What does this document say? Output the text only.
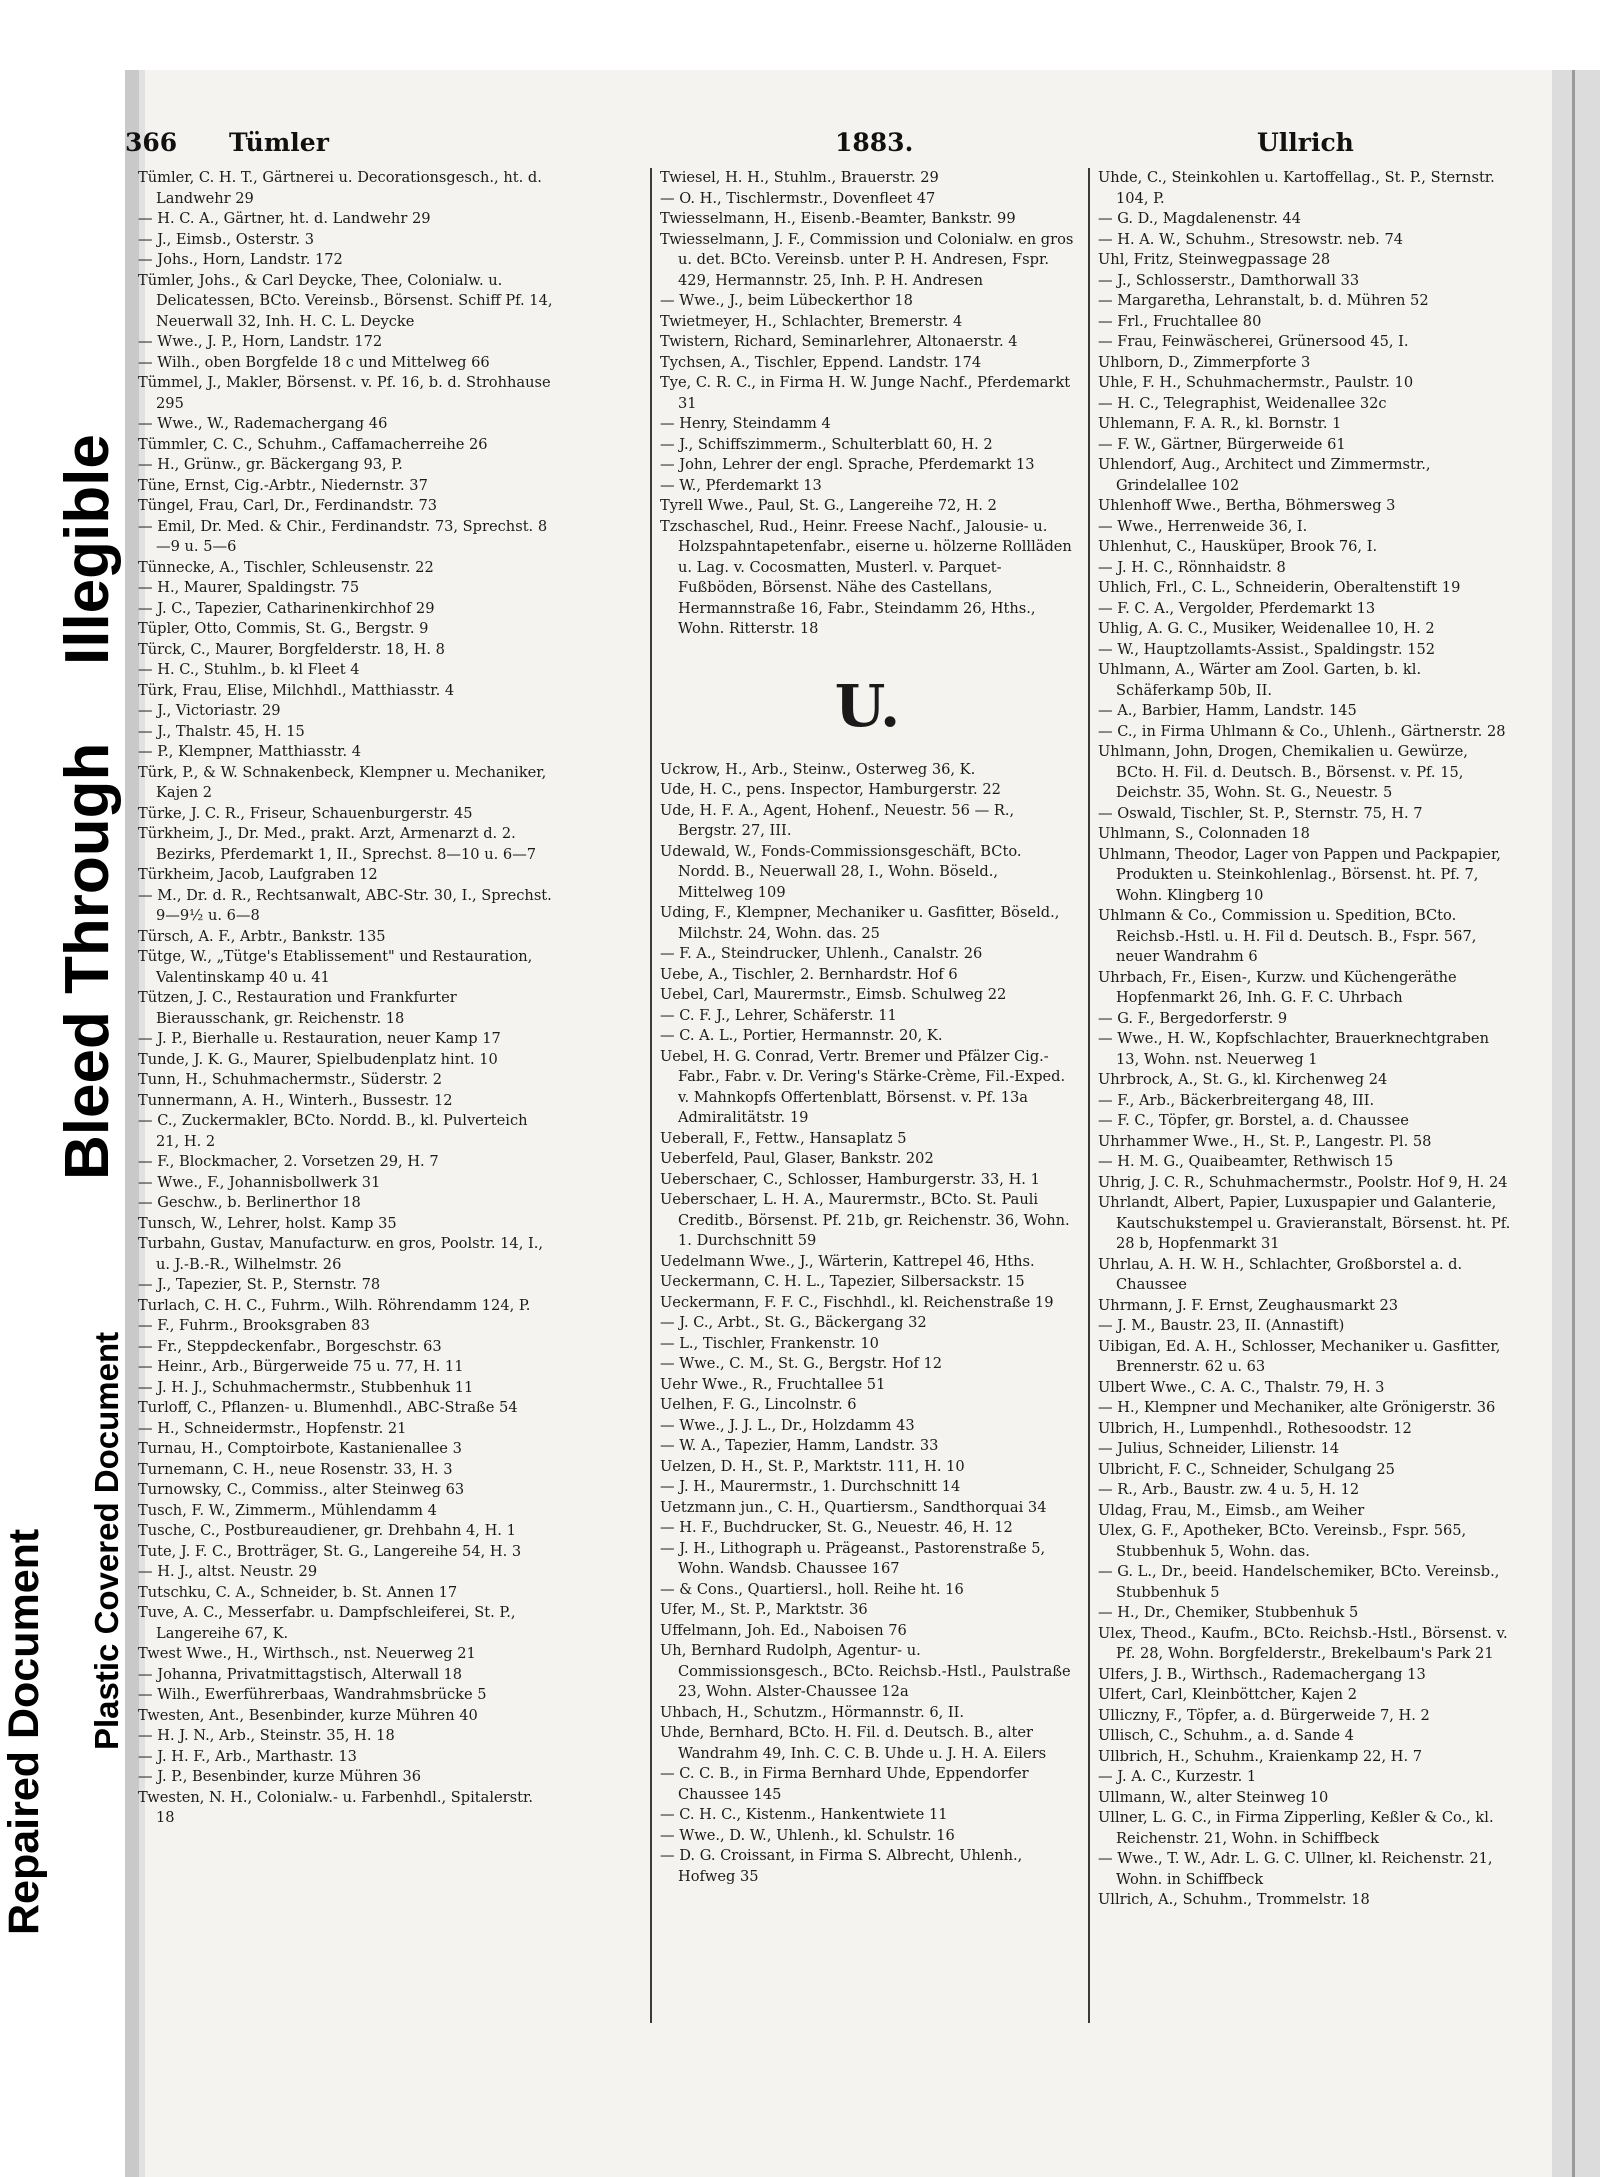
366 Tümler	1883.	Ullrich
Tümler, C. H. T., Gärtnerei u. Decorationsgesch., ht. d. Landwehr 29
— H. C. A., Gärtner, ht. d. Landwehr 29
— J., Eimsb., Osterstr. 3
— Johs., Horn, Landstr. 172
Tümler, Johs., & Carl Deycke, Thee, Colonialw. u. Delicatessen, BCto. Vereinsb., Börsenst. Schiff Pf. 14, Neuerwall 32, Inh. H. C. L. Deycke
— Wwe., J. P., Horn, Landstr. 172
— Wilh., oben Borgfelde 18 c und Mittelweg 66
Tümmel, J., Makler, Börsenst. v. Pf. 16, b. d. Strohhause 295
— Wwe., W., Rademachergang 46
Tümmler, C. C., Schuhm., Caffamacherreihe 26
— H., Grünw., gr. Bäckergang 93, P.
Tüne, Ernst, Cig.-Arbtr., Niedernstr. 37
Tüngel, Frau, Carl, Dr., Ferdinandstr. 73
— Emil, Dr. Med. & Chir., Ferdinandstr. 73, Sprechst. 8—9 u. 5—6
Tünnecke, A., Tischler, Schleusenstr. 22
— H., Maurer, Spaldingstr. 75
— J. C., Tapezier, Catharinenkirchhof 29
Tüpler, Otto, Commis, St. G., Bergstr. 9
Türck, C., Maurer, Borgfelderstr. 18, H. 8
— H. C., Stuhlm., b. kl Fleet 4
Türk, Frau, Elise, Milchhdl., Matthiasstr. 4
— J., Victoriastr. 29
— J., Thalstr. 45, H. 15
— P., Klempner, Matthiasstr. 4
Türk, P., & W. Schnakenbeck, Klempner u. Mechaniker, Kajen 2
Türke, J. C. R., Friseur, Schauenburgerstr. 45
Türkheim, J., Dr. Med., prakt. Arzt, Armenarzt d. 2. Bezirks, Pferdemarkt 1, II., Sprechst. 8—10 u. 6—7
Türkheim, Jacob, Laufgraben 12
— M., Dr. d. R., Rechtsanwalt, ABC-Str. 30, I., Sprechst. 9—9½ u. 6—8
Türsch, A. F., Arbtr., Bankstr. 135
Tütge, W., „Tütge's Etablissement" und Restauration, Valentinskamp 40 u. 41
Tützen, J. C., Restauration und Frankfurter Bierausschank, gr. Reichenstr. 18
— J. P., Bierhalle u. Restauration, neuer Kamp 17
Tunde, J. K. G., Maurer, Spielbudenplatz hint. 10
Tunn, H., Schuhmachermstr., Süderstr. 2
Tunnermann, A. H., Winterh., Bussestr. 12
— C., Zuckermakler, BCto. Nordd. B., kl. Pulverteich 21, H. 2
— F., Blockmacher, 2. Vorsetzen 29, H. 7
— Wwe., F., Johannisbollwerk 31
— Geschw., b. Berlinerthor 18
Tunsch, W., Lehrer, holst. Kamp 35
Turbahn, Gustav, Manufacturw. en gros, Poolstr. 14, I., u. J.-B.-R., Wilhelmstr. 26
— J., Tapezier, St. P., Sternstr. 78
Turlach, C. H. C., Fuhrm., Wilh. Röhrendamm 124, P.
— F., Fuhrm., Brooksgraben 83
— Fr., Steppdeckenfabr., Borgeschstr. 63
— Heinr., Arb., Bürgerweide 75 u. 77, H. 11
— J. H. J., Schuhmachermstr., Stubbenhuk 11
Turloff, C., Pflanzen- u. Blumenhdl., ABC-Straße 54
— H., Schneidermstr., Hopfenstr. 21
Turnau, H., Comptoirbote, Kastanienallee 3
Turnemann, C. H., neue Rosenstr. 33, H. 3
Turnowsky, C., Commiss., alter Steinweg 63
Tusch, F. W., Zimmerm., Mühlendamm 4
Tusche, C., Postbureaudiener, gr. Drehbahn 4, H. 1
Tute, J. F. C., Brotträger, St. G., Langereihe 54, H. 3
— H. J., altst. Neustr. 29
Tutschku, C. A., Schneider, b. St. Annen 17
Tuve, A. C., Messerfabr. u. Dampfschleiferei, St. P., Langereihe 67, K.
Twest Wwe., H., Wirthsch., nst. Neuerweg 21
— Johanna, Privatmittagstisch, Alterwall 18
— Wilh., Ewerführerbaas, Wandrahmsbrücke 5
Twesten, Ant., Besenbinder, kurze Mühren 40
— H. J. N., Arb., Steinstr. 35, H. 18
— J. H. F., Arb., Marthastr. 13
— J. P., Besenbinder, kurze Mühren 36
Twesten, N. H., Colonialw.- u. Farbenhdl., Spitalerstr. 18
Twiesel, H. H., Stuhlm., Brauerstr. 29
— O. H., Tischlermstr., Dovenfleet 47
Twiesselmann, H., Eisenb.-Beamter, Bankstr. 99
Twiesselmann, J. F., Commission und Colonialw. en gros u. det. BCto. Vereinsb. unter P. H. Andresen, Fspr. 429, Hermannstr. 25, Inh. P. H. Andresen
— Wwe., J., beim Lübeckerthor 18
Twietmeyer, H., Schlachter, Bremerstr. 4
Twistern, Richard, Seminarlehrer, Altonaerstr. 4
Tychsen, A., Tischler, Eppend. Landstr. 174
Tye, C. R. C., in Firma H. W. Junge Nachf., Pferdemarkt 31
— Henry, Steindamm 4
— J., Schiffszimmerm., Schulterblatt 60, H. 2
— John, Lehrer der engl. Sprache, Pferdemarkt 13
— W., Pferdemarkt 13
Tyrell Wwe., Paul, St. G., Langereihe 72, H. 2
Tzschaschel, Rud., Heinr. Freese Nachf., Jalousie- u. Holzspahntapetenfabr., eiserne u. hölzerne Rollläden u. Lag. v. Cocosmatten, Musterl. v. Parquet-Fußböden, Börsenst. Nähe des Castellans, Hermannstraße 16, Fabr., Steindamm 26, Hths., Wohn. Ritterstr. 18
U.
Uckrow, H., Arb., Steinw., Osterweg 36, K.
Ude, H. C., pens. Inspector, Hamburgerstr. 22
Ude, H. F. A., Agent, Hohenf., Neuestr. 56 — R., Bergstr. 27, III.
Udewald, W., Fonds-Commissionsgeschäft, BCto. Nordd. B., Neuerwall 28, I., Wohn. Böseld., Mittelweg 109
Uding, F., Klempner, Mechaniker u. Gasfitter, Böseld., Milchstr. 24, Wohn. das. 25
— F. A., Steindrucker, Uhlenh., Canalstr. 26
Uebe, A., Tischler, 2. Bernhardstr. Hof 6
Uebel, Carl, Maurermstr., Eimsb. Schulweg 22
— C. F. J., Lehrer, Schäferstr. 11
— C. A. L., Portier, Hermannstr. 20, K.
Uebel, H. G. Conrad, Vertr. Bremer und Pfälzer Cig.-Fabr., Fabr. v. Dr. Vering's Stärke-Crème, Fil.-Exped. v. Mahnkopfs Offertenblatt, Börsenst. v. Pf. 13a Admiralitätstr. 19
Ueberall, F., Fettw., Hansaplatz 5
Ueberfeld, Paul, Glaser, Bankstr. 202
Ueberschaer, C., Schlosser, Hamburgerstr. 33, H. 1
Ueberschaer, L. H. A., Maurermstr., BCto. St. Pauli Creditb., Börsenst. Pf. 21b, gr. Reichenstr. 36, Wohn. 1. Durchschnitt 59
Uedelmann Wwe., J., Wärterin, Kattrepel 46, Hths.
Ueckermann, C. H. L., Tapezier, Silbersackstr. 15
Ueckermann, F. F. C., Fischhdl., kl. Reichenstraße 19
— J. C., Arbt., St. G., Bäckergang 32
— L., Tischler, Frankenstr. 10
— Wwe., C. M., St. G., Bergstr. Hof 12
Uehr Wwe., R., Fruchtallee 51
Uelhen, F. G., Lincolnstr. 6
— Wwe., J. J. L., Dr., Holzdamm 43
— W. A., Tapezier, Hamm, Landstr. 33
Uelzen, D. H., St. P., Marktstr. 111, H. 10
— J. H., Maurermstr., 1. Durchschnitt 14
Uetzmann jun., C. H., Quartiersm., Sandthorquai 34
— H. F., Buchdrucker, St. G., Neuestr. 46, H. 12
— J. H., Lithograph u. Prägeanst., Pastorenstraße 5, Wohn. Wandsb. Chaussee 167
— & Cons., Quartiersl., holl. Reihe ht. 16
Ufer, M., St. P., Marktstr. 36
Uffelmann, Joh. Ed., Naboisen 76
Uh, Bernhard Rudolph, Agentur- u. Commissionsgesch., BCto. Reichsb.-Hstl., Paulstraße 23, Wohn. Alster-Chaussee 12a
Uhbach, H., Schutzm., Hörmannstr. 6, II.
Uhde, Bernhard, BCto. H. Fil. d. Deutsch. B., alter Wandrahm 49, Inh. C. C. B. Uhde u. J. H. A. Eilers
— C. C. B., in Firma Bernhard Uhde, Eppendorfer Chaussee 145
— C. H. C., Kistenm., Hankentwiete 11
— Wwe., D. W., Uhlenh., kl. Schulstr. 16
— D. G. Croissant, in Firma S. Albrecht, Uhlenh., Hofweg 35
Uhde, C., Steinkohlen u. Kartoffellag., St. P., Sternstr. 104, P.
— G. D., Magdalenenstr. 44
— H. A. W., Schuhm., Stresowstr. neb. 74
Uhl, Fritz, Steinwegpassage 28
— J., Schlosserstr., Damthorwall 33
— Margaretha, Lehranstalt, b. d. Mühren 52
— Frl., Fruchtallee 80
— Frau, Feinwäscherei, Grünersood 45, I.
Uhlborn, D., Zimmerpforte 3
Uhle, F. H., Schuhmachermstr., Paulstr. 10
— H. C., Telegraphist, Weidenallee 32c
Uhlemann, F. A. R., kl. Bornstr. 1
— F. W., Gärtner, Bürgerweide 61
Uhlendorf, Aug., Architect und Zimmermstr., Grindelallee 102
Uhlenhoff Wwe., Bertha, Böhmersweg 3
— Wwe., Herrenweide 36, I.
Uhlenhut, C., Hausküper, Brook 76, I.
— J. H. C., Rönnhaidstr. 8
Uhlich, Frl., C. L., Schneiderin, Oberaltenstift 19
— F. C. A., Vergolder, Pferdemarkt 13
Uhlig, A. G. C., Musiker, Weidenallee 10, H. 2
— W., Hauptzollamts-Assist., Spaldingstr. 152
Uhlmann, A., Wärter am Zool. Garten, b. kl. Schäferkamp 50b, II.
— A., Barbier, Hamm, Landstr. 145
— C., in Firma Uhlmann & Co., Uhlenh., Gärtnerstr. 28
Uhlmann, John, Drogen, Chemikalien u. Gewürze, BCto. H. Fil. d. Deutsch. B., Börsenst. v. Pf. 15, Deichstr. 35, Wohn. St. G., Neuestr. 5
— Oswald, Tischler, St. P., Sternstr. 75, H. 7
Uhlmann, S., Colonnaden 18
Uhlmann, Theodor, Lager von Pappen und Packpapier, Produkten u. Steinkohlenlag., Börsenst. ht. Pf. 7, Wohn. Klingberg 10
Uhlmann & Co., Commission u. Spedition, BCto. Reichsb.-Hstl. u. H. Fil d. Deutsch. B., Fspr. 567, neuer Wandrahm 6
Uhrbach, Fr., Eisen-, Kurzw. und Küchengeräthe Hopfenmarkt 26, Inh. G. F. C. Uhrbach
— G. F., Bergedorferstr. 9
— Wwe., H. W., Kopfschlachter, Brauerknechtgraben 13, Wohn. nst. Neuerweg 1
Uhrbrock, A., St. G., kl. Kirchenweg 24
— F., Arb., Bäckerbreitergang 48, III.
— F. C., Töpfer, gr. Borstel, a. d. Chaussee
Uhrhammer Wwe., H., St. P., Langestr. Pl. 58
— H. M. G., Quaibeamter, Rethwisch 15
Uhrig, J. C. R., Schuhmachermstr., Poolstr. Hof 9, H. 24
Uhrlandt, Albert, Papier, Luxuspapier und Galanterie, Kautschukstempel u. Gravieranstalt, Börsenst. ht. Pf. 28 b, Hopfenmarkt 31
Uhrlau, A. H. W. H., Schlachter, Großborstel a. d. Chaussee
Uhrmann, J. F. Ernst, Zeughausmarkt 23
— J. M., Baustr. 23, II. (Annastift)
Uibigan, Ed. A. H., Schlosser, Mechaniker u. Gasfitter, Brennerstr. 62 u. 63
Ulbert Wwe., C. A. C., Thalstr. 79, H. 3
— H., Klempner und Mechaniker, alte Grönigerstr. 36
Ulbrich, H., Lumpenhdl., Rothesoodstr. 12
— Julius, Schneider, Lilienstr. 14
Ulbricht, F. C., Schneider, Schulgang 25
— R., Arb., Baustr. zw. 4 u. 5, H. 12
Uldag, Frau, M., Eimsb., am Weiher
Ulex, G. F., Apotheker, BCto. Vereinsb., Fspr. 565, Stubbenhuk 5, Wohn. das.
— G. L., Dr., beeid. Handelschemiker, BCto. Vereinsb., Stubbenhuk 5
— H., Dr., Chemiker, Stubbenhuk 5
Ulex, Theod., Kaufm., BCto. Reichsb.-Hstl., Börsenst. v. Pf. 28, Wohn. Borgfelderstr., Brekelbaum's Park 21
Ulfers, J. B., Wirthsch., Rademachergang 13
Ulfert, Carl, Kleinböttcher, Kajen 2
Ulliczny, F., Töpfer, a. d. Bürgerweide 7, H. 2
Ullisch, C., Schuhm., a. d. Sande 4
Ullbrich, H., Schuhm., Kraienkamp 22, H. 7
— J. A. C., Kurzestr. 1
Ullmann, W., alter Steinweg 10
Ullner, L. G. C., in Firma Zipperling, Keßler & Co., kl. Reichenstr. 21, Wohn. in Schiffbeck
— Wwe., T. W., Adr. L. G. C. Ullner, kl. Reichenstr. 21, Wohn. in Schiffbeck
Ullrich, A., Schuhm., Trommelstr. 18
Illegible
Bleed Through
Repaired Document Plastic Covered Document
